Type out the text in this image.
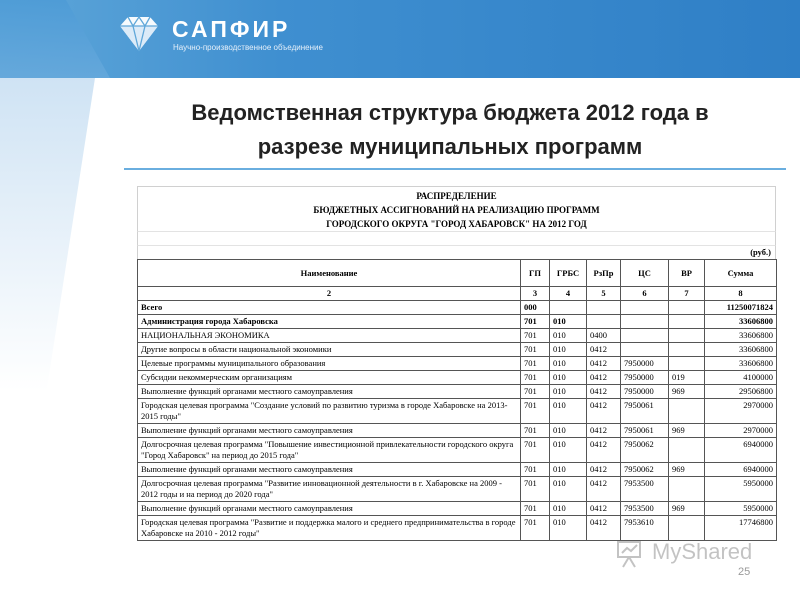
САПФИР
Научно-производственное объединение
Ведомственная структура бюджета 2012 года в
разрезе муниципальных программ
РАСПРЕДЕЛЕНИЕ
БЮДЖЕТНЫХ АССИГНОВАНИЙ НА РЕАЛИЗАЦИЮ ПРОГРАММ
ГОРОДСКОГО ОКРУГА "ГОРОД ХАБАРОВСК" НА 2012 ГОД
(руб.)
Наименование	ГП	ГРБС	РзПр	ЦС	ВР	Сумма
2	3	4	5	6	7	8
Всего	000					11250071824
Администрация города Хабаровска	701	010				33606800
НАЦИОНАЛЬНАЯ ЭКОНОМИКА	701	010	0400			33606800
Другие вопросы в области национальной экономики	701	010	0412			33606800
Целевые программы муниципального образования	701	010	0412	7950000		33606800
Субсидии некоммерческим организациям	701	010	0412	7950000	019	4100000
Выполнение функций органами местного самоуправления	701	010	0412	7950000	969	29506800
Городская целевая программа "Создание условий по развитию туризма в городе Хабаровске на 2013-2015 годы"	701	010	0412	7950061		2970000
Выполнение функций органами местного самоуправления	701	010	0412	7950061	969	2970000
Долгосрочная целевая программа "Повышение инвестиционной привлекательности городского округа "Город Хабаровск" на период до 2015 года"	701	010	0412	7950062		6940000
Выполнение функций органами местного самоуправления	701	010	0412	7950062	969	6940000
Долгосрочная целевая программа "Развитие инновационной деятельности в г. Хабаровске на 2009 - 2012 годы и на период до 2020 года"	701	010	0412	7953500		5950000
Выполнение функций органами местного самоуправления	701	010	0412	7953500	969	5950000
Городская целевая программа "Развитие и поддержка малого и среднего предпринимательства в городе Хабаровске на 2010 - 2012 годы"	701	010	0412	7953610		17746800
MyShared
25
